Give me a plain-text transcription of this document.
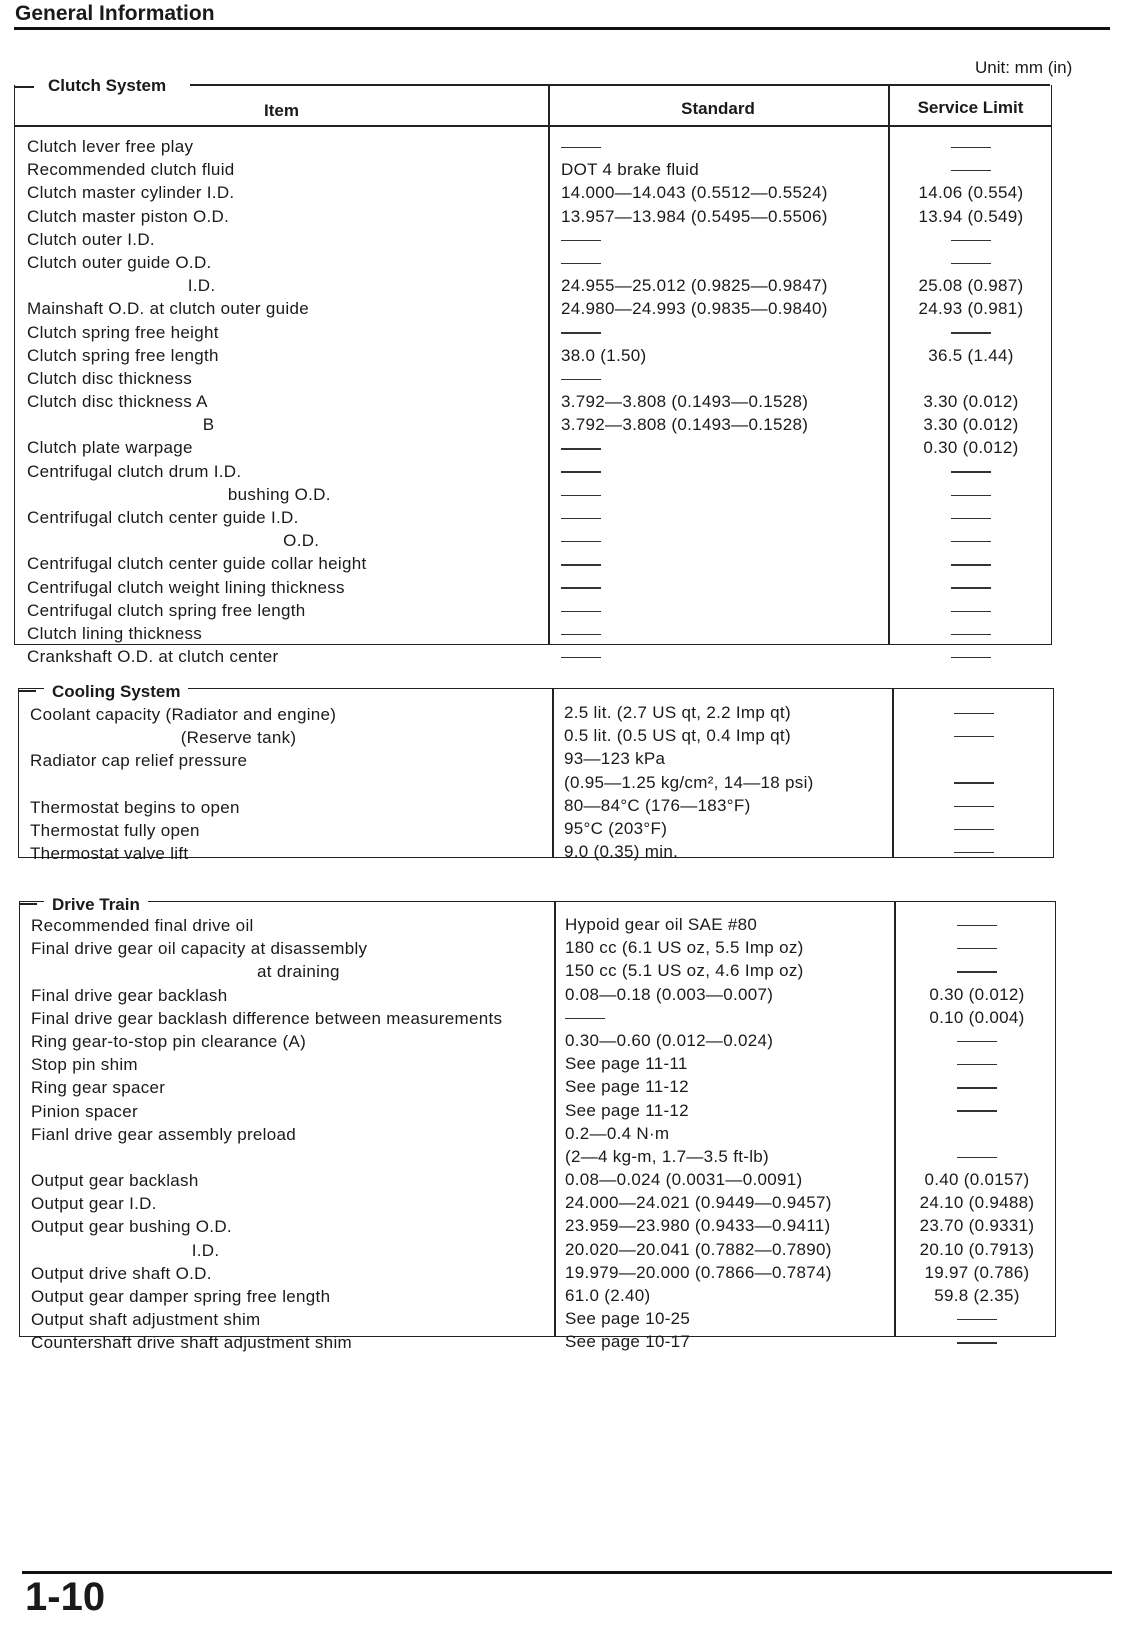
General Information
Unit: mm (in)
Item	Standard	Service Limit
Clutch lever free play
Recommended clutch fluid
Clutch master cylinder I.D.
Clutch master piston O.D.
Clutch outer I.D.
Clutch outer guide O.D.
I.D.
Mainshaft O.D. at clutch outer guide
Clutch spring free height
Clutch spring free length
Clutch disc thickness
Clutch disc thickness A
B
Clutch plate warpage
Centrifugal clutch drum I.D.
bushing O.D.
Centrifugal clutch center guide I.D.
O.D.
Centrifugal clutch center guide collar height
Centrifugal clutch weight lining thickness
Centrifugal clutch spring free length
Clutch lining thickness
Crankshaft O.D. at clutch center
DOT 4 brake fluid
14.000—14.043 (0.5512—0.5524)
13.957—13.984 (0.5495—0.5506)
24.955—25.012 (0.9825—0.9847)
24.980—24.993 (0.9835—0.9840)
38.0 (1.50)
3.792—3.808 (0.1493—0.1528)
3.792—3.808 (0.1493—0.1528)
14.06 (0.554)
13.94 (0.549)
25.08 (0.987)
24.93 (0.981)
36.5 (1.44)
3.30 (0.012)
3.30 (0.012)
0.30 (0.012)
Clutch System
Coolant capacity (Radiator and engine)
(Reserve tank)
Radiator cap relief pressure
Thermostat begins to open
Thermostat fully open
Thermostat valve lift
2.5 lit. (2.7 US qt, 2.2 Imp qt)
0.5 lit. (0.5 US qt, 0.4 Imp qt)
93—123 kPa
(0.95—1.25 kg/cm², 14—18 psi)
80—84°C (176—183°F)
95°C (203°F)
9.0 (0.35) min.
Cooling System
Recommended final drive oil
Final drive gear oil capacity at disassembly
at draining
Final drive gear backlash
Final drive gear backlash difference between measurements
Ring gear-to-stop pin clearance (A)
Stop pin shim
Ring gear spacer
Pinion spacer
Fianl drive gear assembly preload
Output gear backlash
Output gear I.D.
Output gear bushing O.D.
I.D.
Output drive shaft O.D.
Output gear damper spring free length
Output shaft adjustment shim
Countershaft drive shaft adjustment shim
Hypoid gear oil SAE #80
180 cc (6.1 US oz, 5.5 Imp oz)
150 cc (5.1 US oz, 4.6 Imp oz)
0.08—0.18 (0.003—0.007)
0.30—0.60 (0.012—0.024)
See page 11-11
See page 11-12
See page 11-12
0.2—0.4 N·m
(2—4 kg-m, 1.7—3.5 ft-lb)
0.08—0.024 (0.0031—0.0091)
24.000—24.021 (0.9449—0.9457)
23.959—23.980 (0.9433—0.9411)
20.020—20.041 (0.7882—0.7890)
19.979—20.000 (0.7866—0.7874)
61.0 (2.40)
See page 10-25
See page 10-17
0.30 (0.012)
0.10 (0.004)
0.40 (0.0157)
24.10 (0.9488)
23.70 (0.9331)
20.10 (0.7913)
19.97 (0.786)
59.8 (2.35)
Drive Train
1-10
